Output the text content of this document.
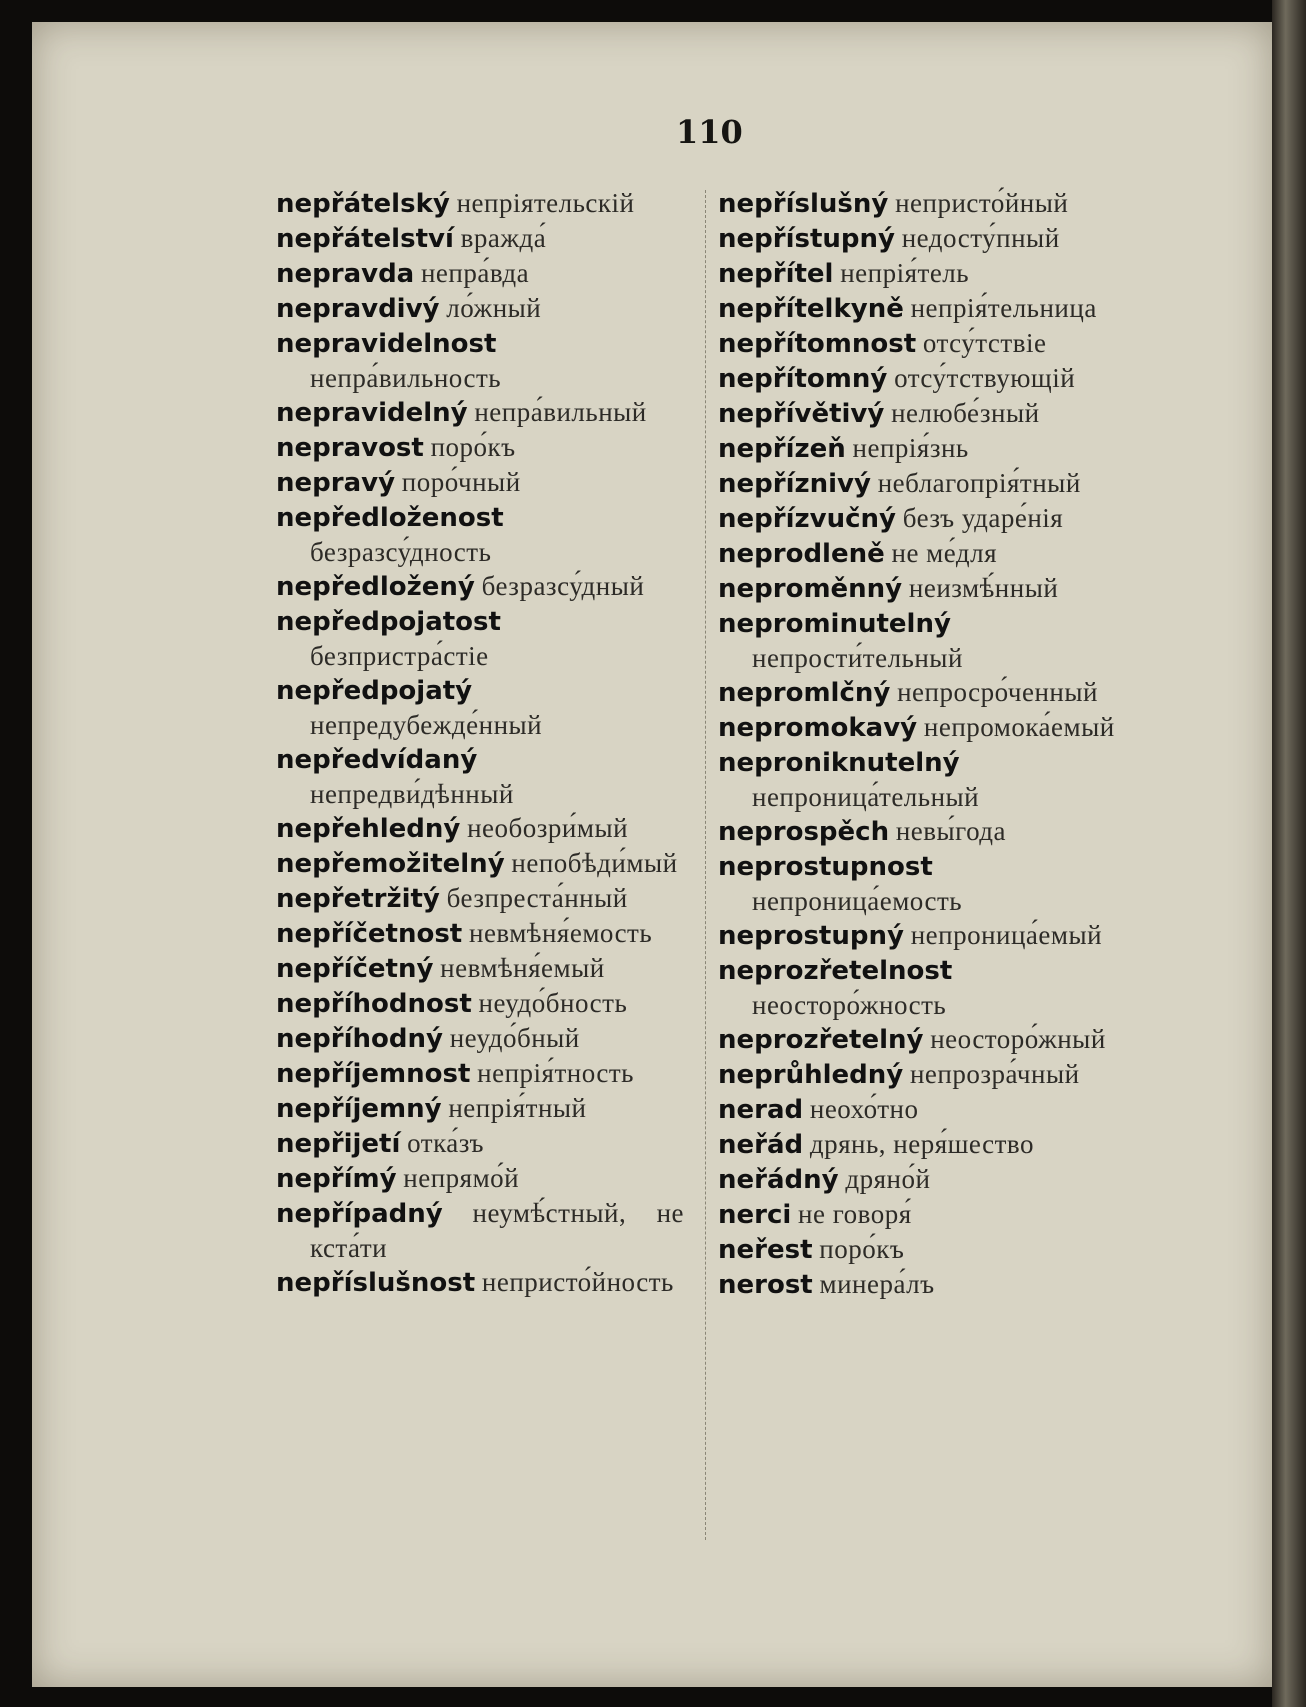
110

nepřátelský непріятельскій

nepřátelství вражда́

nepravda непра́вда

nepravdivý ло́жный

nepravidelnost непра́вильность

nepravidelný непра́вильный

nepravost поро́къ

nepravý поро́чный

nepředloženost безразсу́дность

nepředložený безразсу́дный

nepředpojatost безпристра́стіе

nepředpojatý непредубежде́нный

nepředvídaný непредви́дѣнный

nepřehledný необозри́мый

nepřemožitelný непобѣди́мый

nepřetržitý безпреста́нный

nepříčetnost невмѣня́емость

nepříčetný невмѣня́емый

nepříhodnost неудо́бность

nepříhodný неудо́бный

nepříjemnost непрія́тность

nepříjemný непрія́тный

nepřijetí отка́зъ

nepřímý непрямо́й

nepřípadný неумѣ́стный, не кста́ти

nepříslušnost непристо́йность

nepříslušný непристо́йный

nepřístupný недосту́пный

nepřítel непрія́тель

nepřítelkyně непрія́тельница

nepřítomnost отсу́тствіе

nepřítomný отсу́тствующій

nepřívětivý нелюбе́зный

nepřízeň непрія́знь

nepříznivý неблагопрія́тный

nepřízvučný безъ ударе́нія

neprodleně не ме́для

neproměnný неизмѣ́нный

neprominutelný непрости́тельный

nepromlčný непросро́ченный

nepromokavý непромока́емый

neproniknutelný непроница́тельный

neprospěch невы́года

neprostupnost непроница́емость

neprostupný непроница́емый

neprozřetelnost неосторо́жность

neprozřetelný неосторо́жный

neprůhledný непрозра́чный

nerad неохо́тно

neřád дрянь, неря́шество

neřádný дряно́й

nerci не говоря́

neřest поро́къ

nerost минера́лъ
